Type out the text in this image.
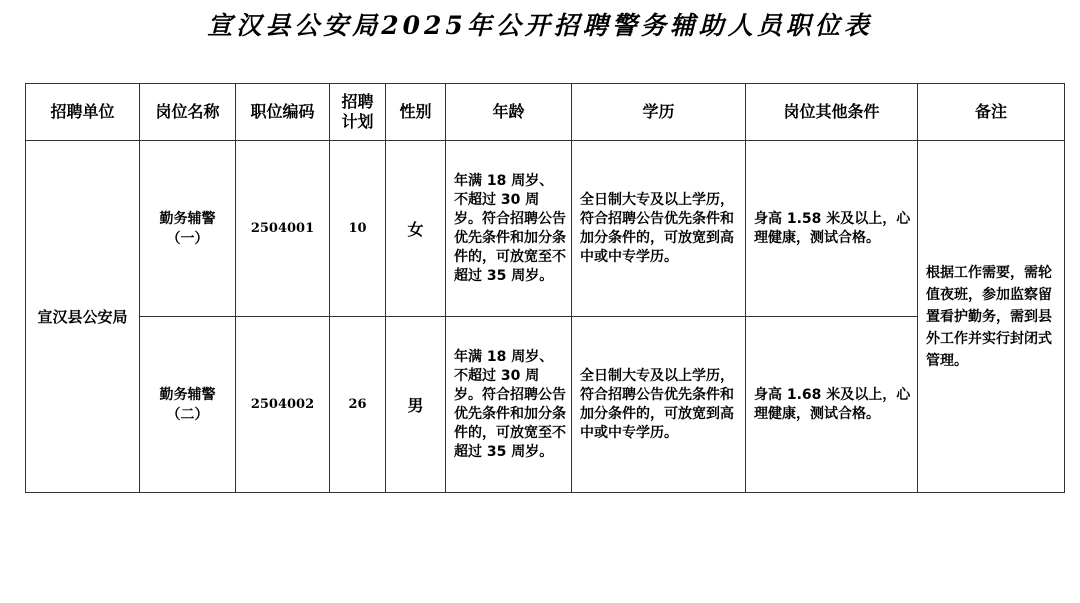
宣汉县公安局2025年公开招聘警务辅助人员职位表
招聘单位	岗位名称	职位编码	招聘计划	性别	年龄	学历	岗位其他条件	备注
宣汉县公安局	勤务辅警（一）	2504001	10	女	年满 18 周岁、不超过 30 周岁。符合招聘公告优先条件和加分条件的，可放宽至不超过 35 周岁。	全日制大专及以上学历，符合招聘公告优先条件和加分条件的，可放宽到高中或中专学历。	身高 1.58 米及以上，心理健康，测试合格。	根据工作需要，需轮值夜班，参加监察留置看护勤务，需到县外工作并实行封闭式管理。
	勤务辅警（二）	2504002	26	男	年满 18 周岁、不超过 30 周岁。符合招聘公告优先条件和加分条件的，可放宽至不超过 35 周岁。	全日制大专及以上学历，符合招聘公告优先条件和加分条件的，可放宽到高中或中专学历。	身高 1.68 米及以上，心理健康，测试合格。	
